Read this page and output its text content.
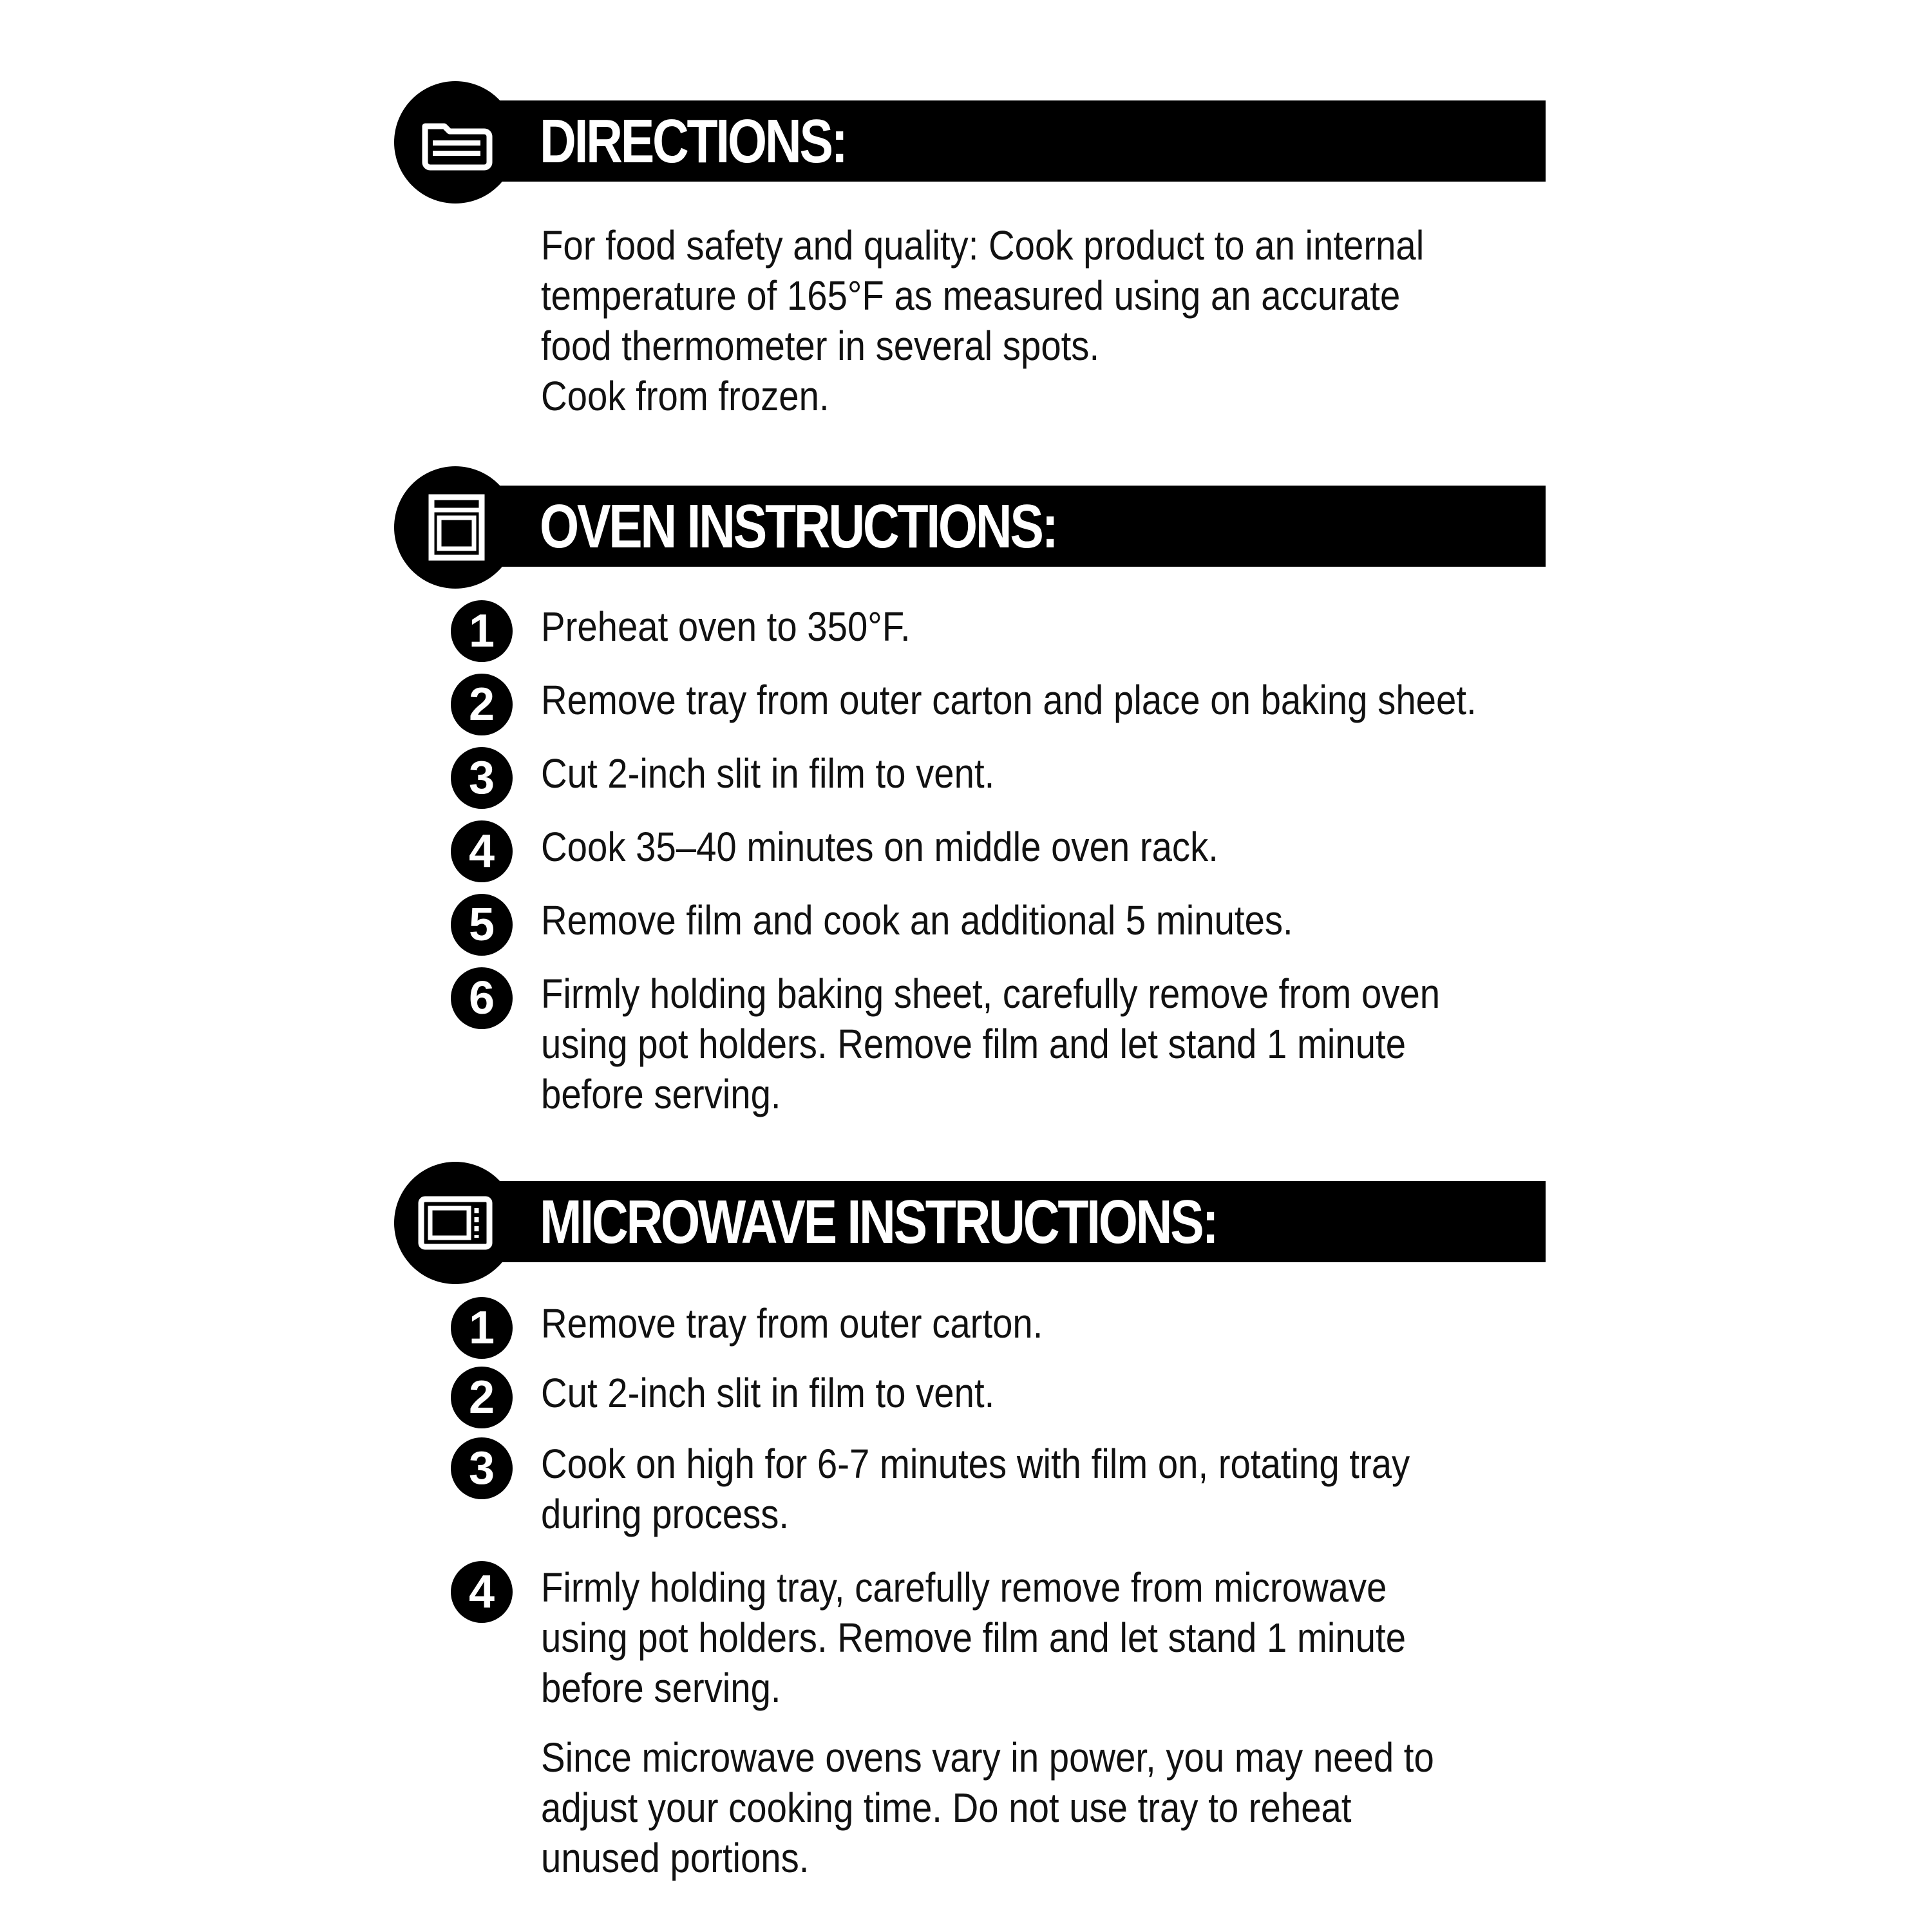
DIRECTIONS:
For food safety and quality: Cook product to an internal
temperature of 165°F as measured using an accurate
food thermometer in several spots.
Cook from frozen.
OVEN INSTRUCTIONS:
1	Preheat oven to 350°F.
2	Remove tray from outer carton and place on baking sheet.
3	Cut 2-inch slit in film to vent.
4	Cook 35–40 minutes on middle oven rack.
5	Remove film and cook an additional 5 minutes.
6	Firmly holding baking sheet, carefully remove from oven
using pot holders. Remove film and let stand 1 minute
before serving.
MICROWAVE INSTRUCTIONS:
1	Remove tray from outer carton.
2	Cut 2-inch slit in film to vent.
3	Cook on high for 6-7 minutes with film on, rotating tray
during process.
4	Firmly holding tray, carefully remove from microwave
using pot holders. Remove film and let stand 1 minute
before serving.
Since microwave ovens vary in power, you may need to
adjust your cooking time. Do not use tray to reheat
unused portions.
